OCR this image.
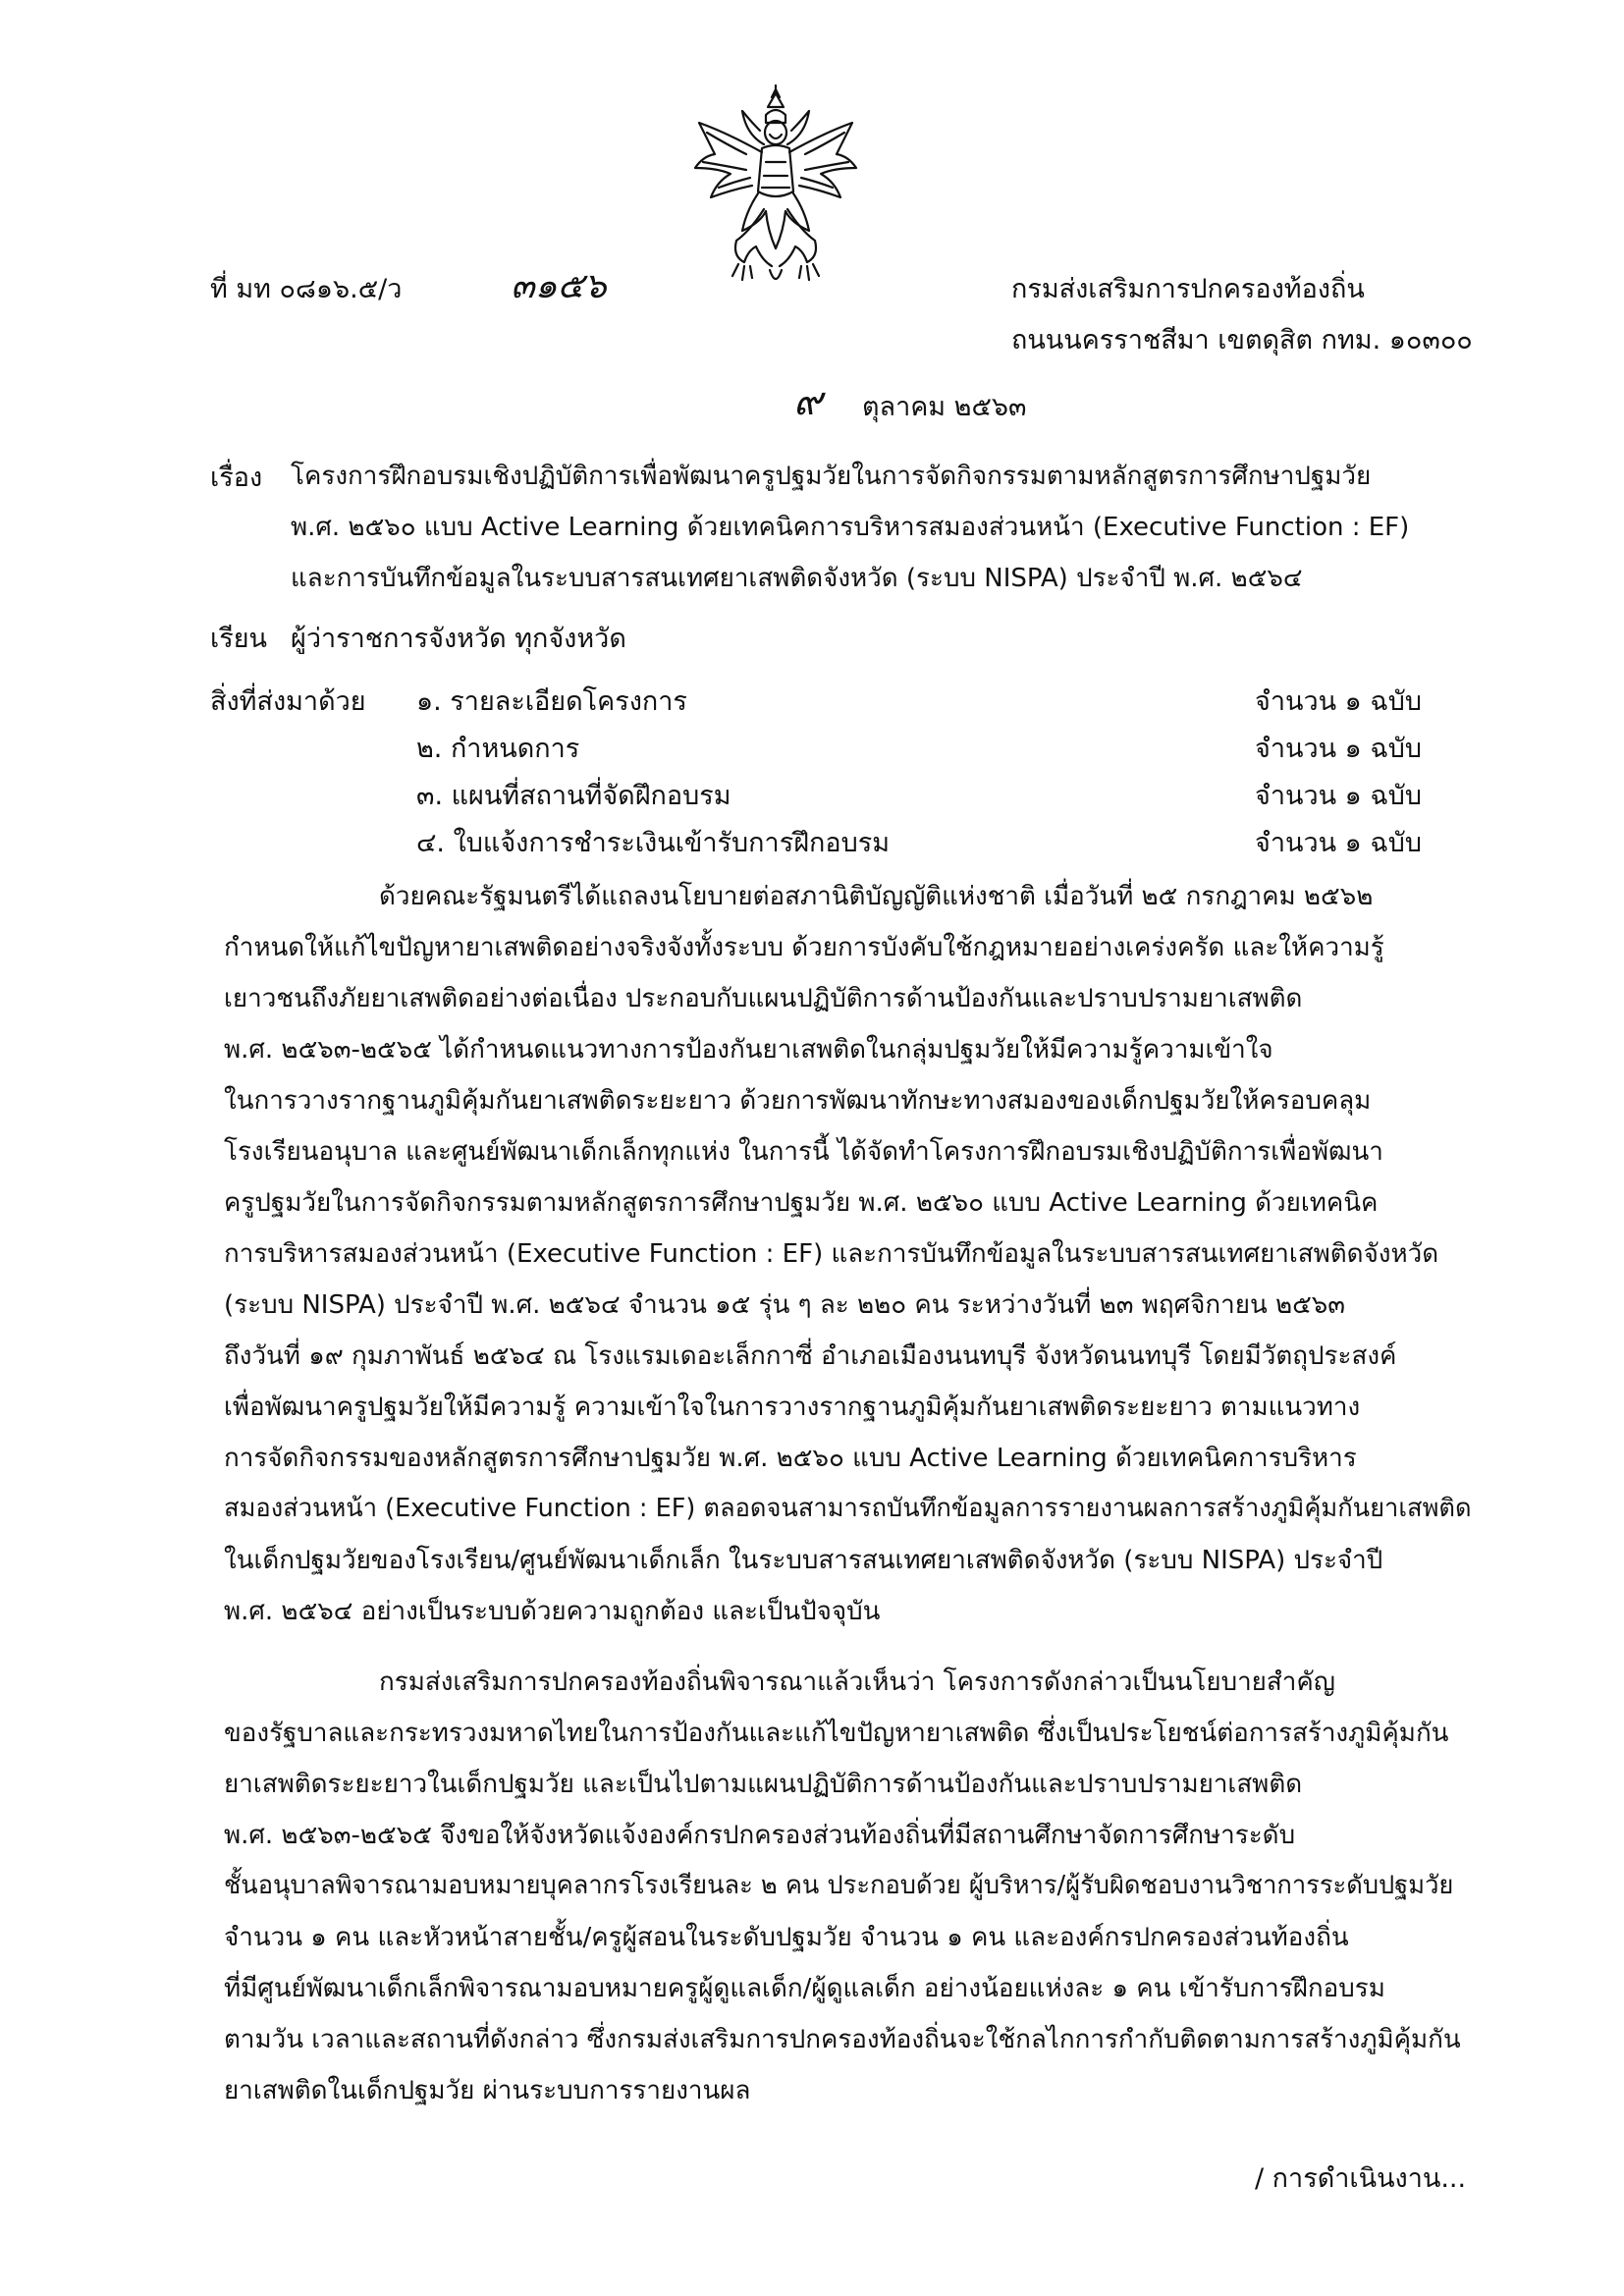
ที่ มท ๐๘๑๖.๕/ว	๓๑๕๖	กรมส่งเสริมการปกครองท้องถิ่น
ถนนนครราชสีมา เขตดุสิต กทม. ๑๐๓๐๐
๙ ตุลาคม ๒๕๖๓
เรื่อง โครงการฝึกอบรมเชิงปฏิบัติการเพื่อพัฒนาครูปฐมวัยในการจัดกิจกรรมตามหลักสูตรการศึกษาปฐมวัย
พ.ศ. ๒๕๖๐ แบบ Active Learning ด้วยเทคนิคการบริหารสมองส่วนหน้า (Executive Function : EF)
และการบันทึกข้อมูลในระบบสารสนเทศยาเสพติดจังหวัด (ระบบ NISPA) ประจำปี พ.ศ. ๒๕๖๔
เรียน ผู้ว่าราชการจังหวัด ทุกจังหวัด
สิ่งที่ส่งมาด้วย ๑. รายละเอียดโครงการ	จำนวน ๑ ฉบับ
๒. กำหนดการ	จำนวน ๑ ฉบับ
๓. แผนที่สถานที่จัดฝึกอบรม	จำนวน ๑ ฉบับ
๔. ใบแจ้งการชำระเงินเข้ารับการฝึกอบรม	จำนวน ๑ ฉบับ
ด้วยคณะรัฐมนตรีได้แถลงนโยบายต่อสภานิติบัญญัติแห่งชาติ เมื่อวันที่ ๒๕ กรกฎาคม ๒๕๖๒
กำหนดให้แก้ไขปัญหายาเสพติดอย่างจริงจังทั้งระบบ ด้วยการบังคับใช้กฎหมายอย่างเคร่งครัด และให้ความรู้
เยาวชนถึงภัยยาเสพติดอย่างต่อเนื่อง ประกอบกับแผนปฏิบัติการด้านป้องกันและปราบปรามยาเสพติด
พ.ศ. ๒๕๖๓-๒๕๖๕ ได้กำหนดแนวทางการป้องกันยาเสพติดในกลุ่มปฐมวัยให้มีความรู้ความเข้าใจ
ในการวางรากฐานภูมิคุ้มกันยาเสพติดระยะยาว ด้วยการพัฒนาทักษะทางสมองของเด็กปฐมวัยให้ครอบคลุม
โรงเรียนอนุบาล และศูนย์พัฒนาเด็กเล็กทุกแห่ง ในการนี้ ได้จัดทำโครงการฝึกอบรมเชิงปฏิบัติการเพื่อพัฒนา
ครูปฐมวัยในการจัดกิจกรรมตามหลักสูตรการศึกษาปฐมวัย พ.ศ. ๒๕๖๐ แบบ Active Learning ด้วยเทคนิค
การบริหารสมองส่วนหน้า (Executive Function : EF) และการบันทึกข้อมูลในระบบสารสนเทศยาเสพติดจังหวัด
(ระบบ NISPA) ประจำปี พ.ศ. ๒๕๖๔ จำนวน ๑๕ รุ่น ๆ ละ ๒๒๐ คน ระหว่างวันที่ ๒๓ พฤศจิกายน ๒๕๖๓
ถึงวันที่ ๑๙ กุมภาพันธ์ ๒๕๖๔ ณ โรงแรมเดอะเล็กกาซี่ อำเภอเมืองนนทบุรี จังหวัดนนทบุรี โดยมีวัตถุประสงค์
เพื่อพัฒนาครูปฐมวัยให้มีความรู้ ความเข้าใจในการวางรากฐานภูมิคุ้มกันยาเสพติดระยะยาว ตามแนวทาง
การจัดกิจกรรมของหลักสูตรการศึกษาปฐมวัย พ.ศ. ๒๕๖๐ แบบ Active Learning ด้วยเทคนิคการบริหาร
สมองส่วนหน้า (Executive Function : EF) ตลอดจนสามารถบันทึกข้อมูลการรายงานผลการสร้างภูมิคุ้มกันยาเสพติด
ในเด็กปฐมวัยของโรงเรียน/ศูนย์พัฒนาเด็กเล็ก ในระบบสารสนเทศยาเสพติดจังหวัด (ระบบ NISPA) ประจำปี
พ.ศ. ๒๕๖๔ อย่างเป็นระบบด้วยความถูกต้อง และเป็นปัจจุบัน
กรมส่งเสริมการปกครองท้องถิ่นพิจารณาแล้วเห็นว่า โครงการดังกล่าวเป็นนโยบายสำคัญ
ของรัฐบาลและกระทรวงมหาดไทยในการป้องกันและแก้ไขปัญหายาเสพติด ซึ่งเป็นประโยชน์ต่อการสร้างภูมิคุ้มกัน
ยาเสพติดระยะยาวในเด็กปฐมวัย และเป็นไปตามแผนปฏิบัติการด้านป้องกันและปราบปรามยาเสพติด
พ.ศ. ๒๕๖๓-๒๕๖๕ จึงขอให้จังหวัดแจ้งองค์กรปกครองส่วนท้องถิ่นที่มีสถานศึกษาจัดการศึกษาระดับ
ชั้นอนุบาลพิจารณามอบหมายบุคลากรโรงเรียนละ ๒ คน ประกอบด้วย ผู้บริหาร/ผู้รับผิดชอบงานวิชาการระดับปฐมวัย
จำนวน ๑ คน และหัวหน้าสายชั้น/ครูผู้สอนในระดับปฐมวัย จำนวน ๑ คน และองค์กรปกครองส่วนท้องถิ่น
ที่มีศูนย์พัฒนาเด็กเล็กพิจารณามอบหมายครูผู้ดูแลเด็ก/ผู้ดูแลเด็ก อย่างน้อยแห่งละ ๑ คน เข้ารับการฝึกอบรม
ตามวัน เวลาและสถานที่ดังกล่าว ซึ่งกรมส่งเสริมการปกครองท้องถิ่นจะใช้กลไกการกำกับติดตามการสร้างภูมิคุ้มกัน
ยาเสพติดในเด็กปฐมวัย ผ่านระบบการรายงานผล
/ การดำเนินงาน...
